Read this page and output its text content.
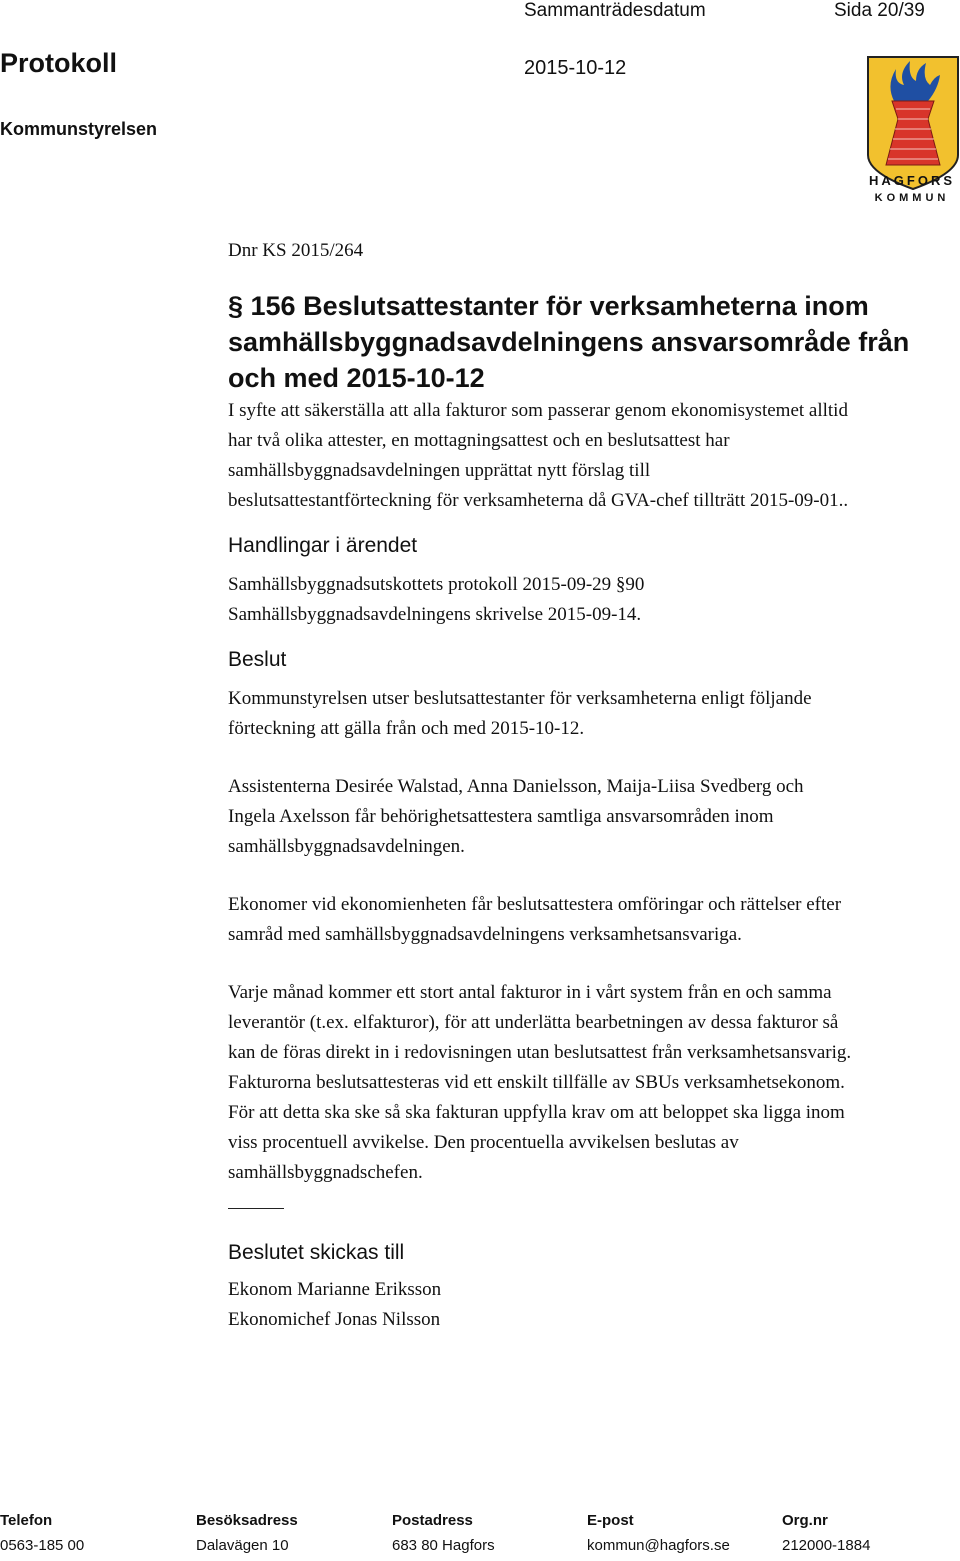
Sammanträdesdatum	Sida 20/39
Protokoll	2015-10-12
Kommunstyrelsen
HAGFORS
KOMMUN
Dnr KS 2015/264
§ 156 Beslutsattestanter för verksamheterna inom
samhällsbyggnadsavdelningens ansvarsområde från
och med 2015-10-12
I syfte att säkerställa att alla fakturor som passerar genom ekonomisystemet alltid
har två olika attester, en mottagningsattest och en beslutsattest har
samhällsbyggnadsavdelningen upprättat nytt förslag till
beslutsattestantförteckning för verksamheterna då GVA-chef tillträtt 2015-09-01..
Handlingar i ärendet
Samhällsbyggnadsutskottets protokoll 2015-09-29 §90
Samhällsbyggnadsavdelningens skrivelse 2015-09-14.
Beslut
Kommunstyrelsen utser beslutsattestanter för verksamheterna enligt följande
förteckning att gälla från och med 2015-10-12.
Assistenterna Desirée Walstad, Anna Danielsson, Maija-Liisa Svedberg och
Ingela Axelsson får behörighetsattestera samtliga ansvarsområden inom
samhällsbyggnadsavdelningen.
Ekonomer vid ekonomienheten får beslutsattestera omföringar och rättelser efter
samråd med samhällsbyggnadsavdelningens verksamhetsansvariga.
Varje månad kommer ett stort antal fakturor in i vårt system från en och samma
leverantör (t.ex. elfakturor), för att underlätta bearbetningen av dessa fakturor så
kan de föras direkt in i redovisningen utan beslutsattest från verksamhetsansvarig.
Fakturorna beslutsattesteras vid ett enskilt tillfälle av SBUs verksamhetsekonom.
För att detta ska ske så ska fakturan uppfylla krav om att beloppet ska ligga inom
viss procentuell avvikelse. Den procentuella avvikelsen beslutas av
samhällsbyggnadschefen.
Beslutet skickas till
Ekonom Marianne Eriksson
Ekonomichef Jonas Nilsson
Telefon
0563-185 00
Besöksadress
Dalavägen 10
Postadress
683 80 Hagfors
E-post
kommun@hagfors.se
Org.nr
212000-1884
